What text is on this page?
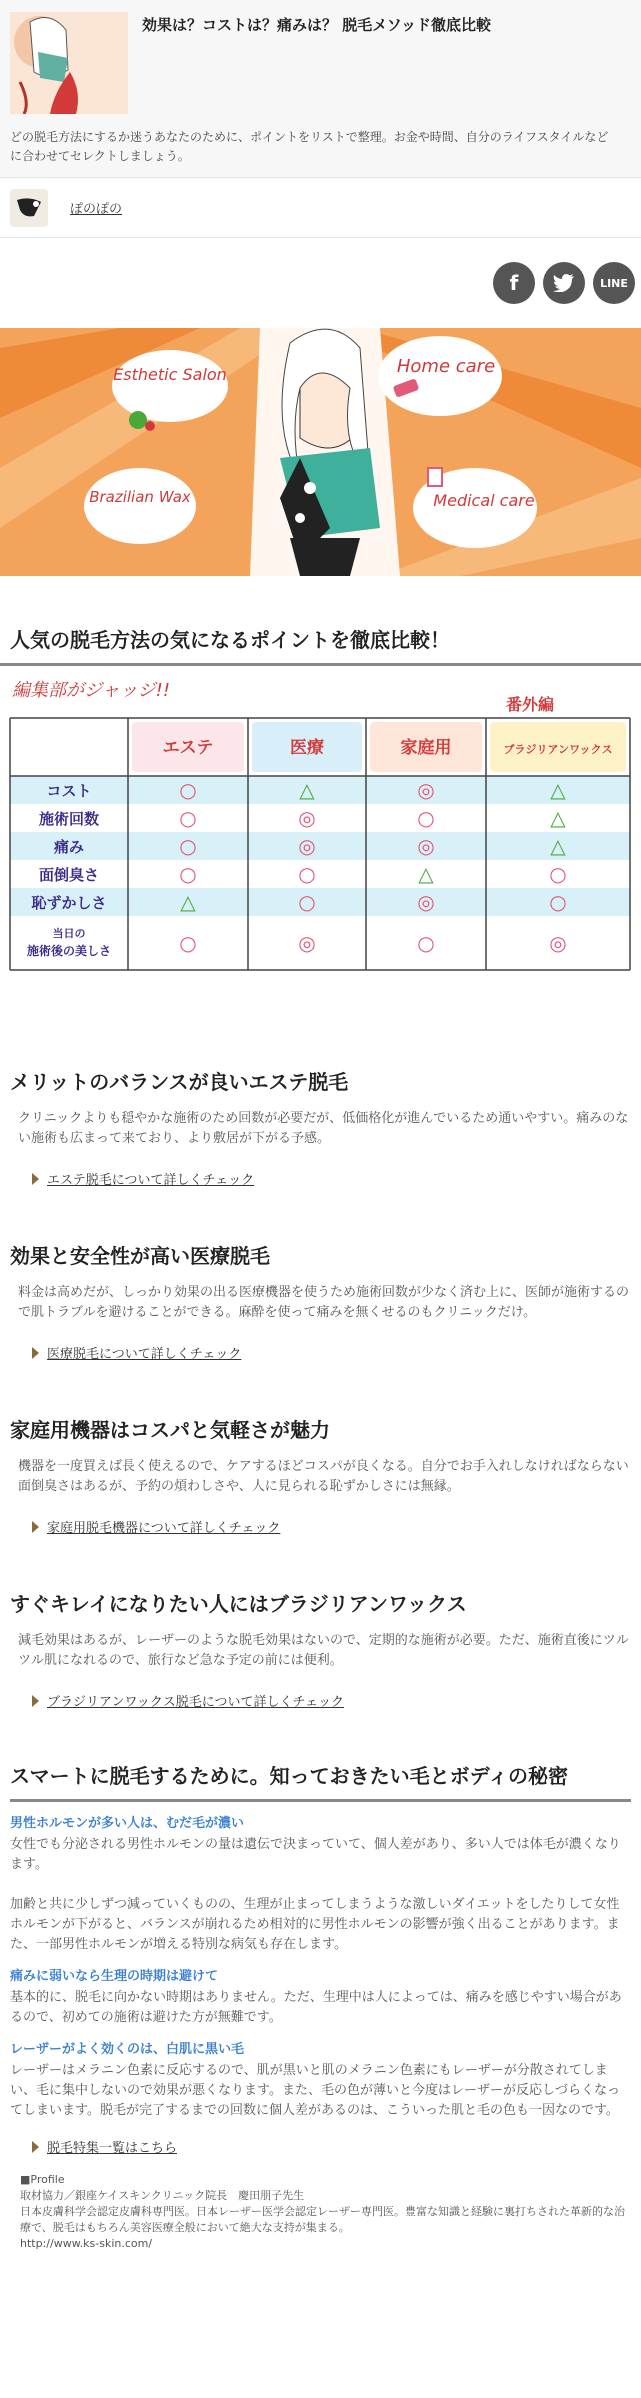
効果は？コストは？痛みは？ 脱毛メソッド徹底比較
どの脱毛方法にするか迷うあなたのために、ポイントをリストで整理。お金や時間、自分のライフスタイルなどに合わせてセレクトしましょう。
ぽのぽの
f	LINE
Esthetic Salon	Home care
Brazilian Wax	Medical care
人気の脱毛方法の気になるポイントを徹底比較！
編集部がジャッジ!!
番外編
エステ	医療	家庭用	ブラジリアンワックス
コスト	○	△	◎	△
施術回数	○	◎	○	△
痛み	○	◎	◎	△
面倒臭さ	○	○	△	○
恥ずかしさ	△	○	◎	○
当日の
施術後の美しさ	○	◎	○	◎
メリットのバランスが良いエステ脱毛

クリニックよりも穏やかな施術のため回数が必要だが、低価格化が進んでいるため通いやすい。痛みのない施術も広まって来ており、より敷居が下がる予感。

エステ脱毛について詳しくチェック
効果と安全性が高い医療脱毛

料金は高めだが、しっかり効果の出る医療機器を使うため施術回数が少なく済む上に、医師が施術するので肌トラブルを避けることができる。麻酔を使って痛みを無くせるのもクリニックだけ。

医療脱毛について詳しくチェック
家庭用機器はコスパと気軽さが魅力

機器を一度買えば長く使えるので、ケアするほどコスパが良くなる。自分でお手入れしなければならない面倒臭さはあるが、予約の煩わしさや、人に見られる恥ずかしさには無縁。

家庭用脱毛機器について詳しくチェック
すぐキレイになりたい人にはブラジリアンワックス

減毛効果はあるが、レーザーのような脱毛効果はないので、定期的な施術が必要。ただ、施術直後にツルツル肌になれるので、旅行など急な予定の前には便利。

ブラジリアンワックス脱毛について詳しくチェック
スマートに脱毛するために。知っておきたい毛とボディの秘密
男性ホルモンが多い人は、むだ毛が濃い

女性でも分泌される男性ホルモンの量は遺伝で決まっていて、個人差があり、多い人では体毛が濃くなります。

加齢と共に少しずつ減っていくものの、生理が止まってしまうような激しいダイエットをしたりして女性ホルモンが下がると、バランスが崩れるため相対的に男性ホルモンの影響が強く出ることがあります。また、一部男性ホルモンが増える特別な病気も存在します。

痛みに弱いなら生理の時期は避けて

基本的に、脱毛に向かない時期はありません。ただ、生理中は人によっては、痛みを感じやすい場合があるので、初めての施術は避けた方が無難です。

レーザーがよく効くのは、白肌に黒い毛

レーザーはメラニン色素に反応するので、肌が黒いと肌のメラニン色素にもレーザーが分散されてしまい、毛に集中しないので効果が悪くなります。また、毛の色が薄いと今度はレーザーが反応しづらくなってしまいます。脱毛が完了するまでの回数に個人差があるのは、こういった肌と毛の色も一因なのです。

脱毛特集一覧はこちら
■Profile
取材協力／銀座ケイスキンクリニック院長　慶田朋子先生
日本皮膚科学会認定皮膚科専門医。日本レーザー医学会認定レーザー専門医。豊富な知識と経験に裏打ちされた革新的な治療で、脱毛はもちろん美容医療全般において絶大な支持が集まる。
http://www.ks-skin.com/
